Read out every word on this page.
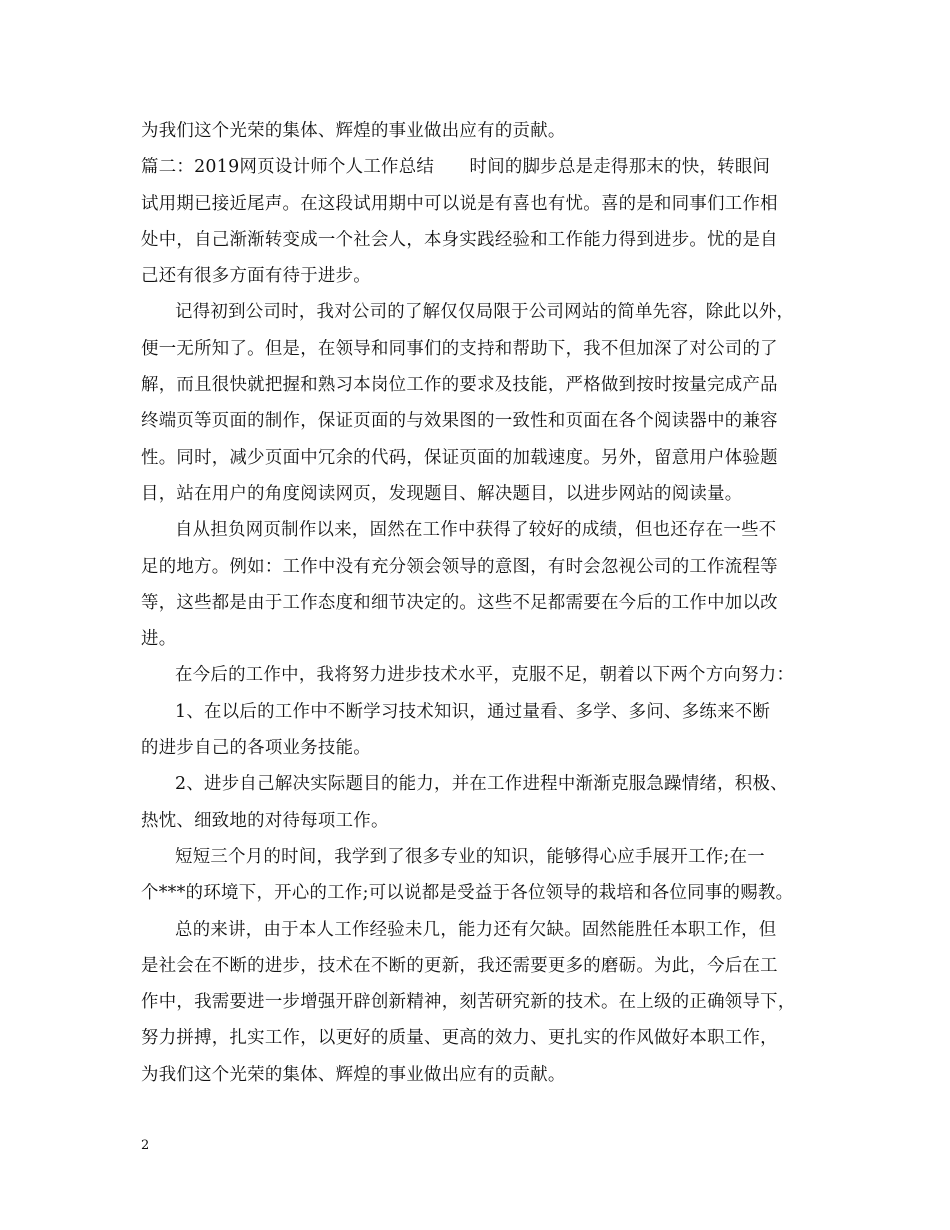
为我们这个光荣的集体、辉煌的事业做出应有的贡献。
篇二：2019网页设计师个人工作总结　　时间的脚步总是走得那末的快，转眼间
试用期已接近尾声。在这段试用期中可以说是有喜也有忧。喜的是和同事们工作相
处中，自己渐渐转变成一个社会人，本身实践经验和工作能力得到进步。忧的是自
己还有很多方面有待于进步。
记得初到公司时，我对公司的了解仅仅局限于公司网站的简单先容，除此以外，
便一无所知了。但是，在领导和同事们的支持和帮助下，我不但加深了对公司的了
解，而且很快就把握和熟习本岗位工作的要求及技能，严格做到按时按量完成产品
终端页等页面的制作，保证页面的与效果图的一致性和页面在各个阅读器中的兼容
性。同时，减少页面中冗余的代码，保证页面的加载速度。另外，留意用户体验题
目，站在用户的角度阅读网页，发现题目、解决题目，以进步网站的阅读量。
自从担负网页制作以来，固然在工作中获得了较好的成绩，但也还存在一些不
足的地方。例如：工作中没有充分领会领导的意图，有时会忽视公司的工作流程等
等，这些都是由于工作态度和细节决定的。这些不足都需要在今后的工作中加以改
进。
在今后的工作中，我将努力进步技术水平，克服不足，朝着以下两个方向努力：
1、在以后的工作中不断学习技术知识，通过量看、多学、多问、多练来不断
的进步自己的各项业务技能。
2、进步自己解决实际题目的能力，并在工作进程中渐渐克服急躁情绪，积极、
热忱、细致地的对待每项工作。
短短三个月的时间，我学到了很多专业的知识，能够得心应手展开工作;在一
个***的环境下，开心的工作;可以说都是受益于各位领导的栽培和各位同事的赐教。
总的来讲，由于本人工作经验未几，能力还有欠缺。固然能胜任本职工作，但
是社会在不断的进步，技术在不断的更新，我还需要更多的磨砺。为此，今后在工
作中，我需要进一步增强开辟创新精神，刻苦研究新的技术。在上级的正确领导下，
努力拼搏，扎实工作，以更好的质量、更高的效力、更扎实的作风做好本职工作，
为我们这个光荣的集体、辉煌的事业做出应有的贡献。
2
